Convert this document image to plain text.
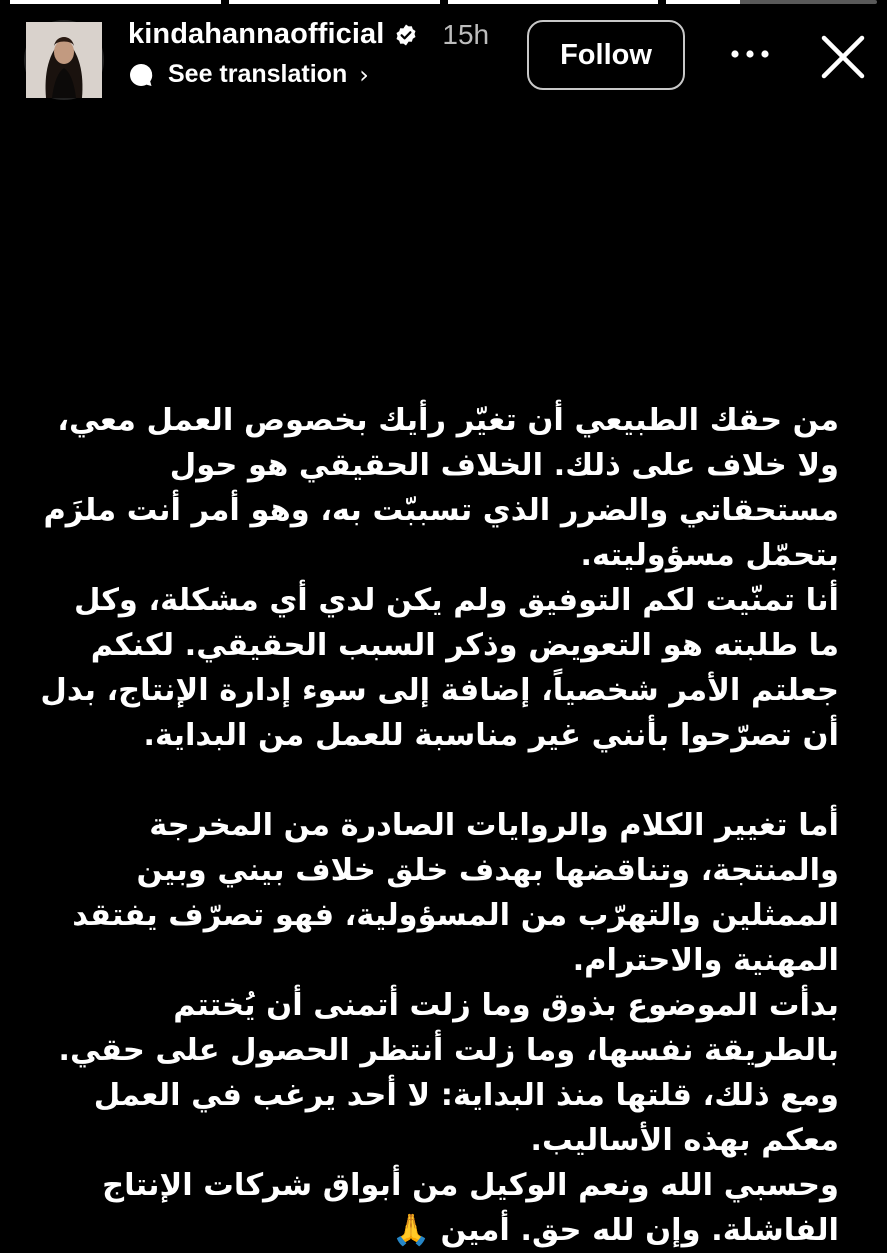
kindahannaofficial 15h
See translation ›
Follow

من حقك الطبيعي أن تغيّر رأيك بخصوص العمل معي، ولا خلاف على ذلك. الخلاف الحقيقي هو حول مستحقاتي والضرر الذي تسببّت به، وهو أمر أنت ملزَم بتحمّل مسؤوليته.

أنا تمنّيت لكم التوفيق ولم يكن لدي أي مشكلة، وكل ما طلبته هو التعويض وذكر السبب الحقيقي. لكنكم جعلتم الأمر شخصياً، إضافة إلى سوء إدارة الإنتاج، بدل أن تصرّحوا بأنني غير مناسبة للعمل من البداية.

أما تغيير الكلام والروايات الصادرة من المخرجة والمنتجة، وتناقضها بهدف خلق خلاف بيني وبين الممثلين والتهرّب من المسؤولية، فهو تصرّف يفتقد المهنية والاحترام.

بدأت الموضوع بذوق وما زلت أتمنى أن يُختتم بالطريقة نفسها، وما زلت أنتظر الحصول على حقي. ومع ذلك، قلتها منذ البداية: لا أحد يرغب في العمل معكم بهذه الأساليب.

وحسبي الله ونعم الوكيل من أبواق شركات الإنتاج الفاشلة. وإن لله حق. أمين 🙏
